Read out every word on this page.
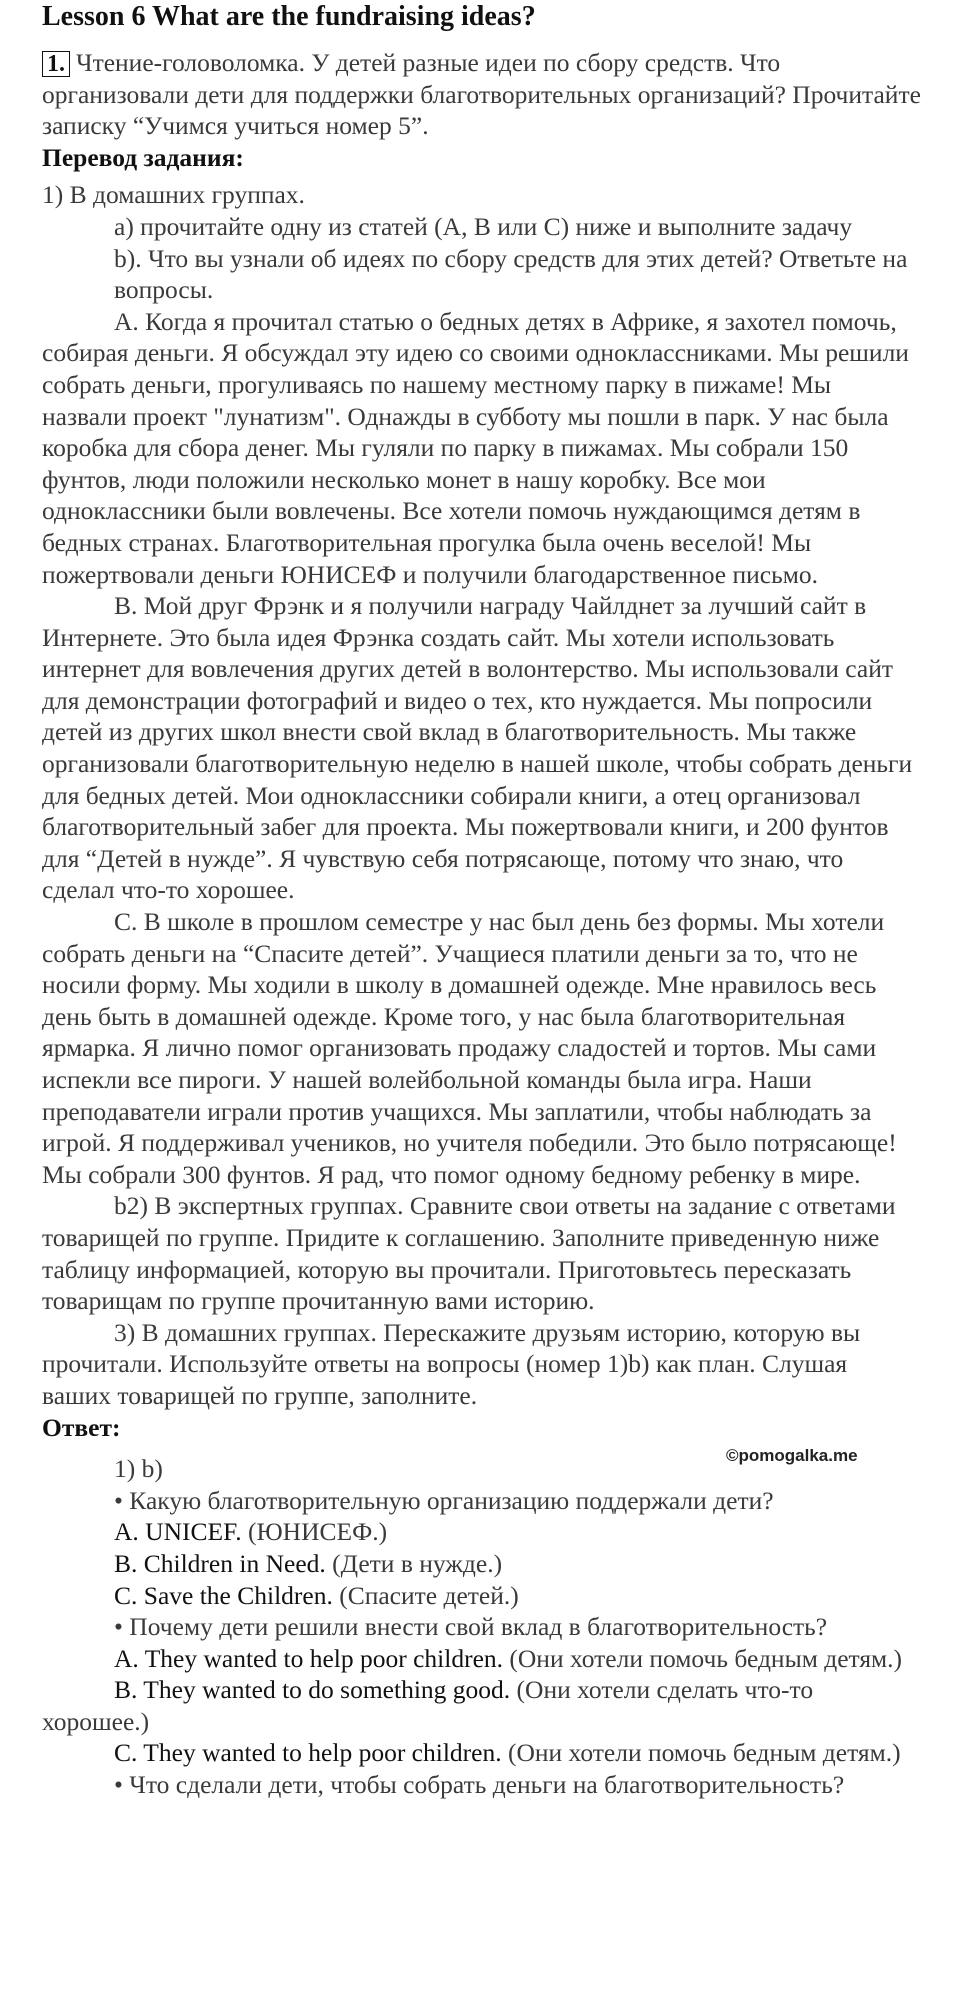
Lesson 6 What are the fundraising ideas?

1. Чтение-головоломка. У детей разные идеи по сбору средств. Что организовали дети для поддержки благотворительных организаций? Прочитайте записку “Учимся учиться номер 5”.

Перевод задания:

1) В домашних группах.

а) прочитайте одну из статей (A, B или C) ниже и выполните задачу

b). Что вы узнали об идеях по сбору средств для этих детей? Ответьте на вопросы.

А. Когда я прочитал статью о бедных детях в Африке, я захотел помочь, собирая деньги. Я обсуждал эту идею со своими одноклассниками. Мы решили собрать деньги, прогуливаясь по нашему местному парку в пижаме! Мы назвали проект "лунатизм". Однажды в субботу мы пошли в парк. У нас была коробка для сбора денег. Мы гуляли по парку в пижамах. Мы собрали 150 фунтов, люди положили несколько монет в нашу коробку. Все мои одноклассники были вовлечены. Все хотели помочь нуждающимся детям в бедных странах. Благотворительная прогулка была очень веселой! Мы пожертвовали деньги ЮНИСЕФ и получили благодарственное письмо.

В. Мой друг Фрэнк и я получили награду Чайлднет за лучший сайт в Интернете. Это была идея Фрэнка создать сайт. Мы хотели использовать интернет для вовлечения других детей в волонтерство. Мы использовали сайт для демонстрации фотографий и видео о тех, кто нуждается. Мы попросили детей из других школ внести свой вклад в благотворительность. Мы также организовали благотворительную неделю в нашей школе, чтобы собрать деньги для бедных детей. Мои одноклассники собирали книги, а отец организовал благотворительный забег для проекта. Мы пожертвовали книги, и 200 фунтов для “Детей в нужде”. Я чувствую себя потрясающе, потому что знаю, что сделал что-то хорошее.

С. В школе в прошлом семестре у нас был день без формы. Мы хотели собрать деньги на “Спасите детей”. Учащиеся платили деньги за то, что не носили форму. Мы ходили в школу в домашней одежде. Мне нравилось весь день быть в домашней одежде. Кроме того, у нас была благотворительная ярмарка. Я лично помог организовать продажу сладостей и тортов. Мы сами испекли все пироги. У нашей волейбольной команды была игра. Наши преподаватели играли против учащихся. Мы заплатили, чтобы наблюдать за игрой. Я поддерживал учеников, но учителя победили. Это было потрясающе! Мы собрали 300 фунтов. Я рад, что помог одному бедному ребенку в мире.

b2) В экспертных группах. Сравните свои ответы на задание с ответами товарищей по группе. Придите к соглашению. Заполните приведенную ниже таблицу информацией, которую вы прочитали. Приготовьтесь пересказать товарищам по группе прочитанную вами историю.

3) В домашних группах. Перескажите друзьям историю, которую вы прочитали. Используйте ответы на вопросы (номер 1)b) как план. Слушая ваших товарищей по группе, заполните.

Ответ:

1) b)

• Какую благотворительную организацию поддержали дети?

A. UNICEF. (ЮНИСЕФ.)

B. Children in Need. (Дети в нужде.)

C. Save the Children. (Спасите детей.)

• Почему дети решили внести свой вклад в благотворительность?

A. They wanted to help poor children. (Они хотели помочь бедным детям.)

B. They wanted to do something good. (Они хотели сделать что-то хорошее.)

C. They wanted to help poor children. (Они хотели помочь бедным детям.)

• Что сделали дети, чтобы собрать деньги на благотворительность?

©pomogalka.me
